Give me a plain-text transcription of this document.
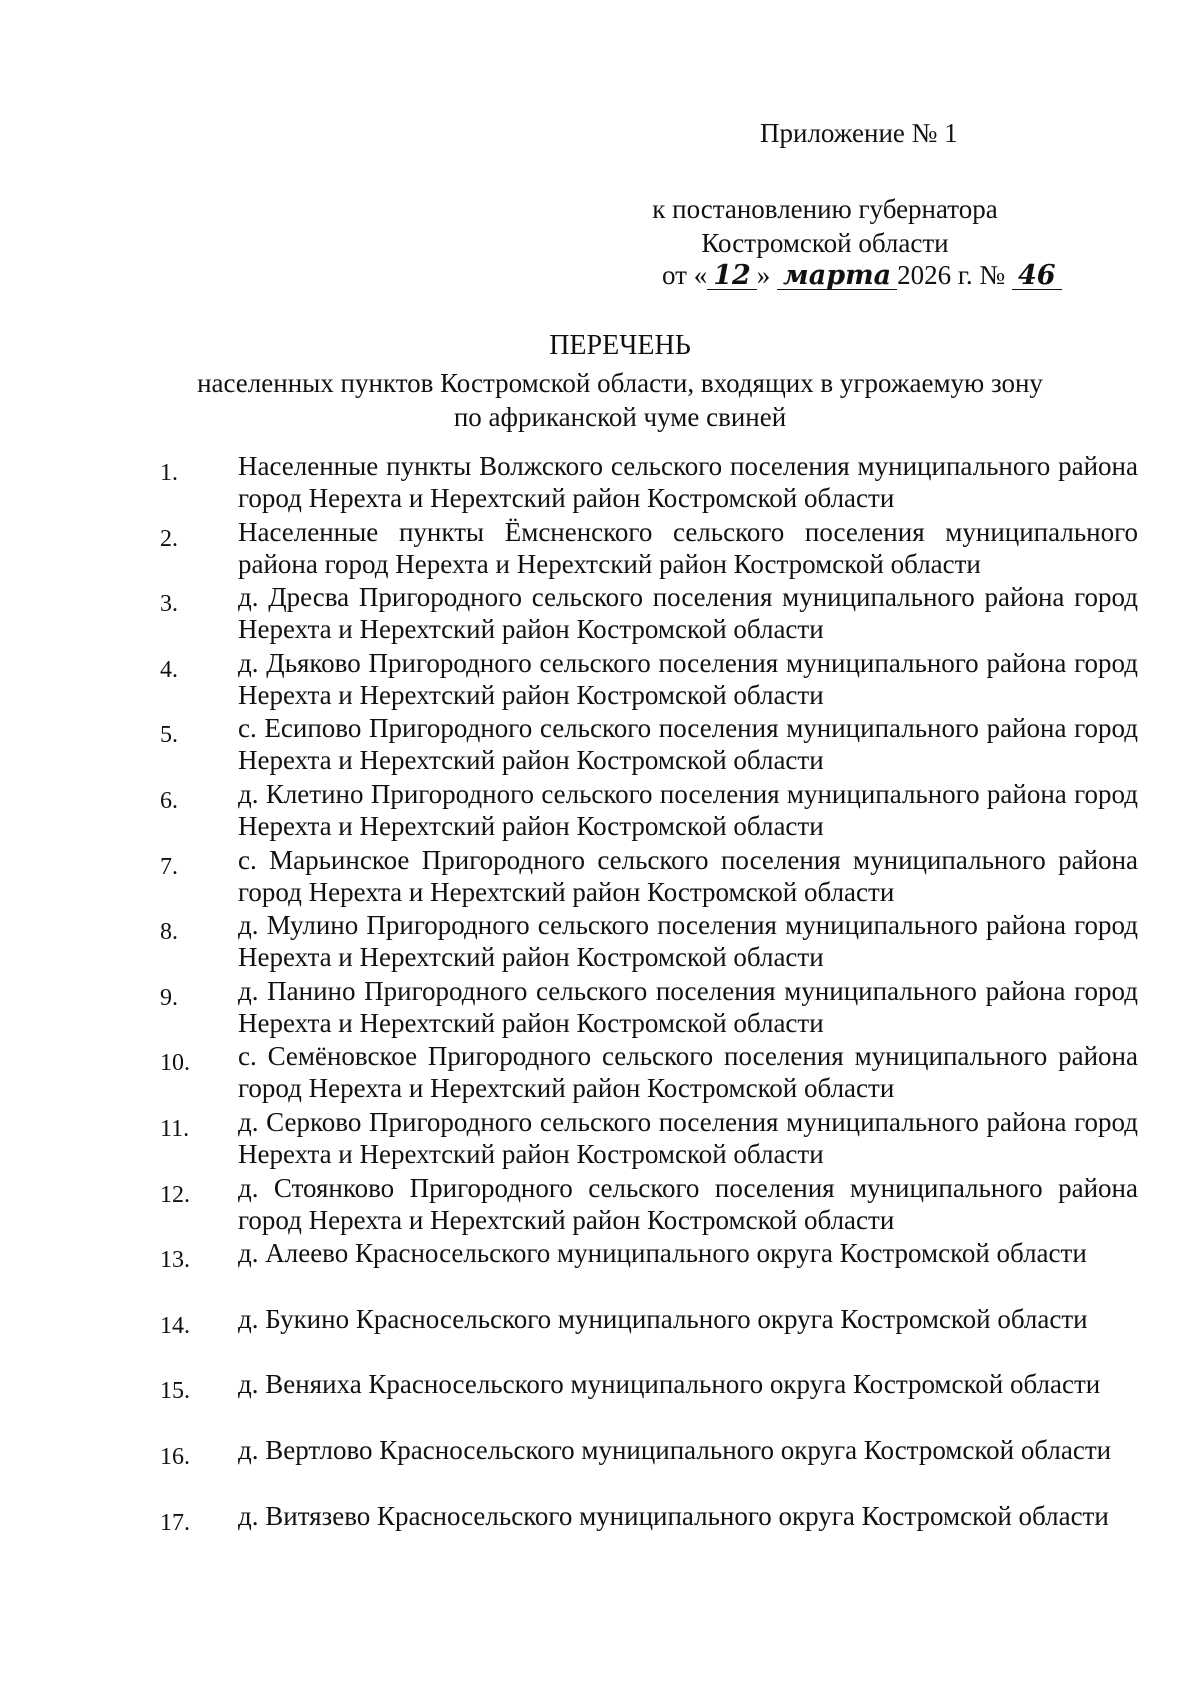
Приложение № 1
к постановлению губернатора
Костромской области
от « 12 » марта 2026 г. № 46
ПЕРЕЧЕНЬ
населенных пунктов Костромской области, входящих в угрожаемую зону
по африканской чуме свиней
1.	Населенные пункты Волжского сельского поселения муниципального района город Нерехта и Нерехтский район Костромской области
2.	Населенные пункты Ёмсненского сельского поселения муниципального района город Нерехта и Нерехтский район Костромской области
3.	д. Дресва Пригородного сельского поселения муниципального района город Нерехта и Нерехтский район Костромской области
4.	д. Дьяково Пригородного сельского поселения муниципального района город Нерехта и Нерехтский район Костромской области
5.	с. Есипово Пригородного сельского поселения муниципального района город Нерехта и Нерехтский район Костромской области
6.	д. Клетино Пригородного сельского поселения муниципального района город Нерехта и Нерехтский район Костромской области
7.	с. Марьинское Пригородного сельского поселения муниципального района город Нерехта и Нерехтский район Костромской области
8.	д. Мулино Пригородного сельского поселения муниципального района город Нерехта и Нерехтский район Костромской области
9.	д. Панино Пригородного сельского поселения муниципального района город Нерехта и Нерехтский район Костромской области
10.	с. Семёновское Пригородного сельского поселения муниципального района город Нерехта и Нерехтский район Костромской области
11.	д. Серково Пригородного сельского поселения муниципального района город Нерехта и Нерехтский район Костромской области
12.	д. Стоянково Пригородного сельского поселения муниципального района город Нерехта и Нерехтский район Костромской области
13.	д. Алеево Красносельского муниципального округа Костромской области
14.	д. Букино Красносельского муниципального округа Костромской области
15.	д. Веняиха Красносельского муниципального округа Костромской области
16.	д. Вертлово Красносельского муниципального округа Костромской области
17.	д. Витязево Красносельского муниципального округа Костромской области
